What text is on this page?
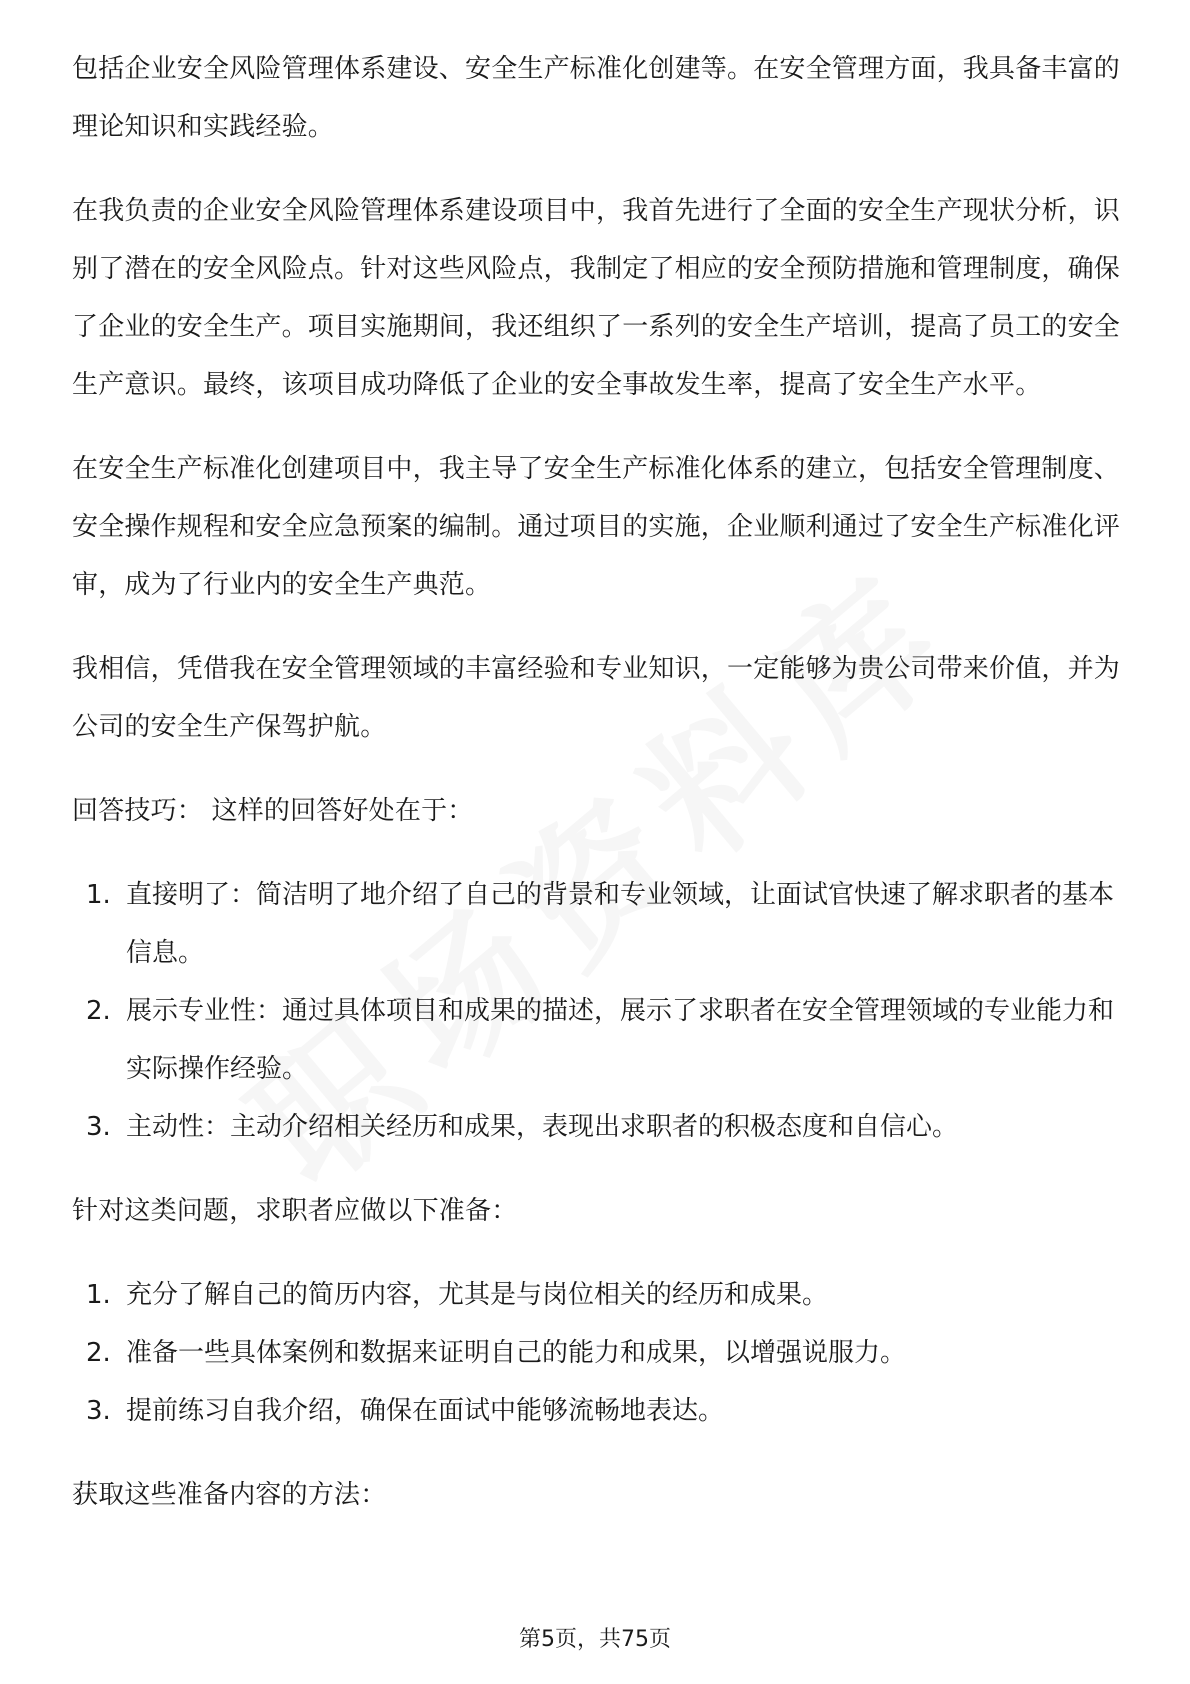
包括企业安全风险管理体系建设、安全生产标准化创建等。在安全管理方面，我具备丰富的理论知识和实践经验。

在我负责的企业安全风险管理体系建设项目中，我首先进行了全面的安全生产现状分析，识别了潜在的安全风险点。针对这些风险点，我制定了相应的安全预防措施和管理制度，确保了企业的安全生产。项目实施期间，我还组织了一系列的安全生产培训，提高了员工的安全生产意识。最终，该项目成功降低了企业的安全事故发生率，提高了安全生产水平。

在安全生产标准化创建项目中，我主导了安全生产标准化体系的建立，包括安全管理制度、安全操作规程和安全应急预案的编制。通过项目的实施，企业顺利通过了安全生产标准化评审，成为了行业内的安全生产典范。

我相信，凭借我在安全管理领域的丰富经验和专业知识，一定能够为贵公司带来价值，并为公司的安全生产保驾护航。

回答技巧： 这样的回答好处在于：

1. 直接明了：简洁明了地介绍了自己的背景和专业领域，让面试官快速了解求职者的基本信息。
2. 展示专业性：通过具体项目和成果的描述，展示了求职者在安全管理领域的专业能力和实际操作经验。
3. 主动性：主动介绍相关经历和成果，表现出求职者的积极态度和自信心。

针对这类问题，求职者应做以下准备：

1. 充分了解自己的简历内容，尤其是与岗位相关的经历和成果。
2. 准备一些具体案例和数据来证明自己的能力和成果，以增强说服力。
3. 提前练习自我介绍，确保在面试中能够流畅地表达。

获取这些准备内容的方法：

第5页，共75页
